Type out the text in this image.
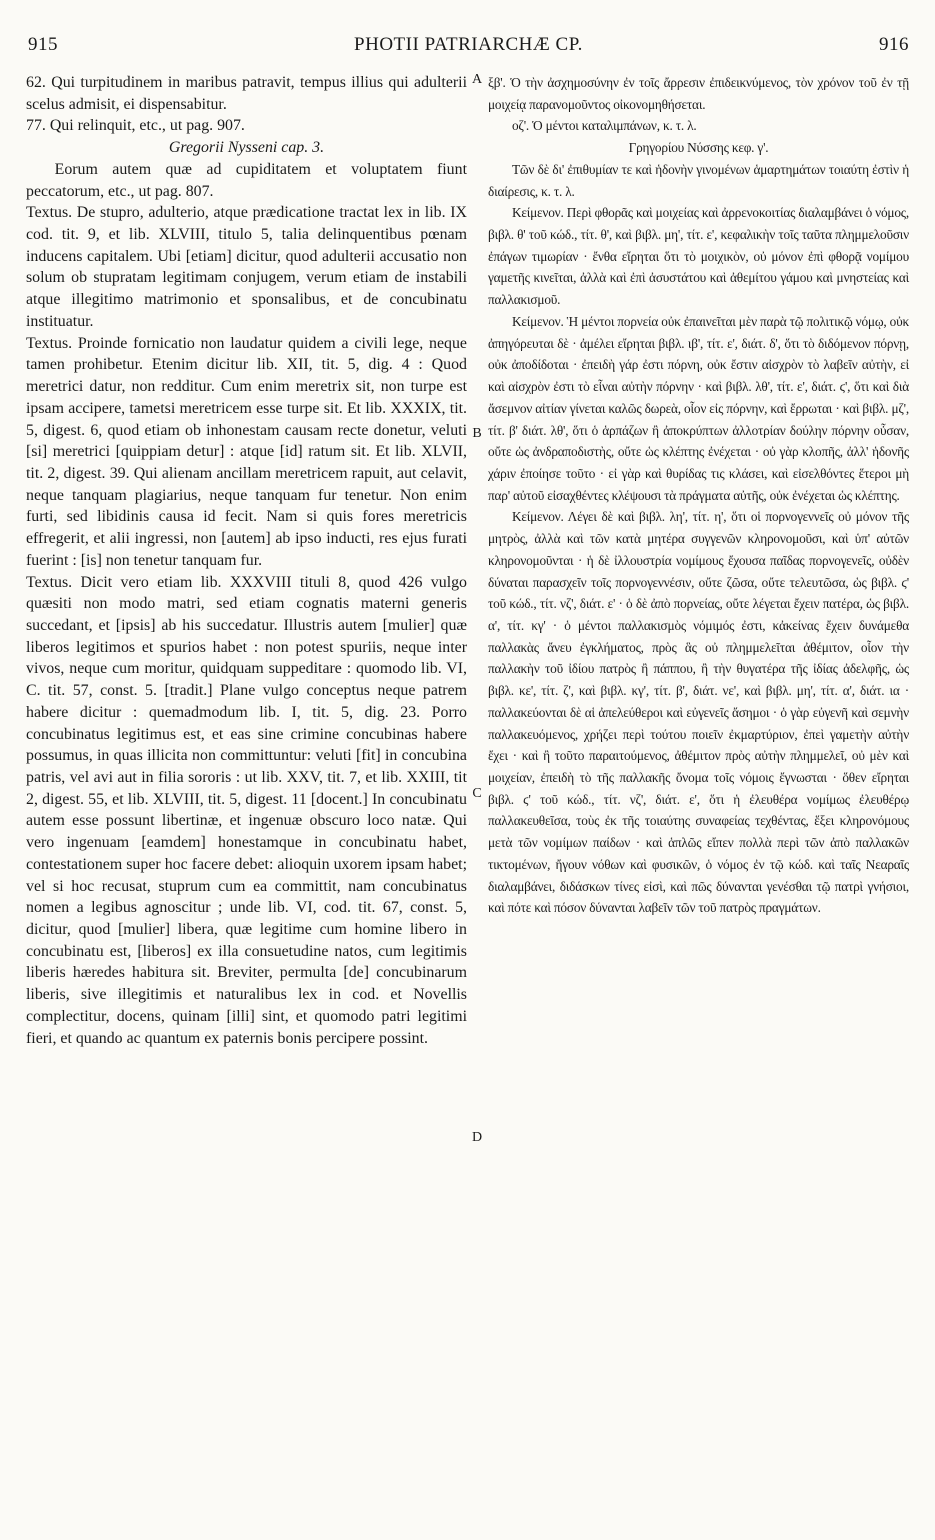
915	PHOTII PATRIARCHÆ CP.	916

62. Qui turpitudinem in maribus patravit, tempus illius qui adulterii scelus admisit, ei dispensabitur.

77. Qui relinquit, etc., ut pag. 907.

Gregorii Nysseni cap. 3.

Eorum autem quæ ad cupiditatem et voluptatem fiunt peccatorum, etc., ut pag. 807.

Textus. De stupro, adulterio, atque prædicatione tractat lex in lib. IX cod. tit. 9, et lib. XLVIII, titulo 5, talia delinquentibus pœnam inducens capitalem. Ubi [etiam] dicitur, quod adulterii accusatio non solum ob stupratam legitimam conjugem, verum etiam de instabili atque illegitimo matrimonio et sponsalibus, et de concubinatu instituatur.

Textus. Proinde fornicatio non laudatur quidem a civili lege, neque tamen prohibetur. Etenim dicitur lib. XII, tit. 5, dig. 4 : Quod meretrici datur, non redditur. Cum enim meretrix sit, non turpe est ipsam accipere, tametsi meretricem esse turpe sit. Et lib. XXXIX, tit. 5, digest. 6, quod etiam ob inhonestam causam recte donetur, veluti [si] meretrici [quippiam detur] : atque [id] ratum sit. Et lib. XLVII, tit. 2, digest. 39. Qui alienam ancillam meretricem rapuit, aut celavit, neque tanquam plagiarius, neque tanquam fur tenetur. Non enim furti, sed libidinis causa id fecit. Nam si quis fores meretricis effregerit, et alii ingressi, non [autem] ab ipso inducti, res ejus furati fuerint : [is] non tenetur tanquam fur.

Textus. Dicit vero etiam lib. XXXVIII tituli 8, quod 426 vulgo quæsiti non modo matri, sed etiam cognatis materni generis succedant, et [ipsis] ab his succedatur. Illustris autem [mulier] quæ liberos legitimos et spurios habet : non potest spuriis, neque inter vivos, neque cum moritur, quidquam suppeditare : quomodo lib. VI, C. tit. 57, const. 5. [tradit.] Plane vulgo conceptus neque patrem habere dicitur : quemadmodum lib. I, tit. 5, dig. 23. Porro concubinatus legitimus est, et eas sine crimine concubinas habere possumus, in quas illicita non committuntur: veluti [fit] in concubina patris, vel avi aut in filia sororis : ut lib. XXV, tit. 7, et lib. XXIII, tit 2, digest. 55, et lib. XLVIII, tit. 5, digest. 11 [docent.] In concubinatu autem esse possunt libertinæ, et ingenuæ obscuro loco natæ. Qui vero ingenuam [eamdem] honestamque in concubinatu habet, contestationem super hoc facere debet: alioquin uxorem ipsam habet; vel si hoc recusat, stuprum cum ea committit, nam concubinatus nomen a legibus agnoscitur ; unde lib. VI, cod. tit. 67, const. 5, dicitur, quod [mulier] libera, quæ legitime cum homine libero in concubinatu est, [liberos] ex illa consuetudine natos, cum legitimis liberis hæredes habitura sit. Breviter, permulta [de] concubinarum liberis, sive illegitimis et naturalibus lex in cod. et Novellis complectitur, docens, quinam [illi] sint, et quomodo patri legitimi fieri, et quando ac quantum ex paternis bonis percipere possint.

A
B
C
D

ξβ'. Ὁ τὴν ἀσχημοσύνην ἐν τοῖς ἄρρεσιν ἐπιδεικνύμενος, τὸν χρόνον τοῦ ἐν τῇ μοιχείᾳ παρανομοῦντος οἰκονομηθήσεται.

οζ'. Ὁ μέντοι καταλιμπάνων, κ. τ. λ.

Γρηγορίου Νύσσης κεφ. γ'.

Τῶν δὲ δι' ἐπιθυμίαν τε καὶ ἡδονὴν γινομένων ἁμαρτημάτων τοιαύτη ἐστὶν ἡ διαίρεσις, κ. τ. λ.

Κείμενον. Περὶ φθορᾶς καὶ μοιχείας καὶ ἀρρενοκοιτίας διαλαμβάνει ὁ νόμος, βιβλ. θ' τοῦ κώδ., τίτ. θ', καὶ βιβλ. μη', τίτ. ε', κεφαλικὴν τοῖς ταῦτα πλημμελοῦσιν ἐπάγων τιμωρίαν · ἔνθα εἴρηται ὅτι τὸ μοιχικὸν, οὐ μόνον ἐπὶ φθορᾷ νομίμου γαμετῆς κινεῖται, ἀλλὰ καὶ ἐπὶ ἀσυστάτου καὶ ἀθεμίτου γάμου καὶ μνηστείας καὶ παλλακισμοῦ.

Κείμενον. Ἡ μέντοι πορνεία οὐκ ἐπαινεῖται μὲν παρὰ τῷ πολιτικῷ νόμῳ, οὐκ ἀπηγόρευται δὲ · ἀμέλει εἴρηται βιβλ. ιβ', τίτ. ε', διάτ. δ', ὅτι τὸ διδόμενον πόρνῃ, οὐκ ἀποδίδοται · ἐπειδὴ γάρ ἐστι πόρνη, οὐκ ἔστιν αἰσχρὸν τὸ λαβεῖν αὐτὴν, εἰ καὶ αἰσχρὸν ἐστι τὸ εἶναι αὐτὴν πόρνην · καὶ βιβλ. λθ', τίτ. ε', διάτ. ϛ', ὅτι καὶ διὰ ἄσεμνον αἰτίαν γίνεται καλῶς δωρεὰ, οἷον εἰς πόρνην, καὶ ἔρρωται · καὶ βιβλ. μζ', τίτ. β' διάτ. λθ', ὅτι ὁ ἁρπάζων ἢ ἀποκρύπτων ἀλλοτρίαν δούλην πόρνην οὖσαν, οὔτε ὡς ἀνδραποδιστὴς, οὔτε ὡς κλέπτης ἐνέχεται · οὐ γὰρ κλοπῆς, ἀλλ' ἡδονῆς χάριν ἐποίησε τοῦτο · εἰ γὰρ καὶ θυρίδας τις κλάσει, καὶ εἰσελθόντες ἕτεροι μὴ παρ' αὐτοῦ εἰσαχθέντες κλέψουσι τὰ πράγματα αὐτῆς, οὐκ ἐνέχεται ὡς κλέπτης.

Κείμενον. Λέγει δὲ καὶ βιβλ. λη', τίτ. η', ὅτι οἱ πορνογεννεῖς οὐ μόνον τῆς μητρὸς, ἀλλὰ καὶ τῶν κατὰ μητέρα συγγενῶν κληρονομοῦσι, καὶ ὑπ' αὐτῶν κληρονομοῦνται · ἡ δὲ ἰλλουστρία νομίμους ἔχουσα παῖδας πορνογενεῖς, οὐδὲν δύναται παρασχεῖν τοῖς πορνογεννέσιν, οὔτε ζῶσα, οὔτε τελευτῶσα, ὡς βιβλ. ϛ' τοῦ κώδ., τίτ. νζ', διάτ. ε' · ὁ δὲ ἀπὸ πορνείας, οὔτε λέγεται ἔχειν πατέρα, ὡς βιβλ. α', τίτ. κγ' · ὁ μέντοι παλλακισμὸς νόμιμός ἐστι, κἀκείνας ἔχειν δυνάμεθα παλλακὰς ἄνευ ἐγκλήματος, πρὸς ἃς οὐ πλημμελεῖται ἀθέμιτον, οἷον τὴν παλλακὴν τοῦ ἰδίου πατρὸς ἢ πάππου, ἢ τὴν θυγατέρα τῆς ἰδίας ἀδελφῆς, ὡς βιβλ. κε', τίτ. ζ', καὶ βιβλ. κγ', τίτ. β', διάτ. νε', καὶ βιβλ. μη', τίτ. α', διάτ. ια · παλλακεύονται δὲ αἱ ἀπελεύθεροι καὶ εὐγενεῖς ἄσημοι · ὁ γὰρ εὐγενῆ καὶ σεμνὴν παλλακευόμενος, χρήζει περὶ τούτου ποιεῖν ἐκμαρτύριον, ἐπεὶ γαμετὴν αὐτὴν ἔχει · καὶ ἢ τοῦτο παραιτούμενος, ἀθέμιτον πρὸς αὐτὴν πλημμελεῖ, οὐ μὲν καὶ μοιχείαν, ἐπειδὴ τὸ τῆς παλλακῆς ὄνομα τοῖς νόμοις ἔγνωσται · ὅθεν εἴρηται βιβλ. ϛ' τοῦ κώδ., τίτ. νζ', διάτ. ε', ὅτι ἡ ἐλευθέρα νομίμως ἐλευθέρῳ παλλακευθεῖσα, τοὺς ἐκ τῆς τοιαύτης συναφείας τεχθέντας, ἕξει κληρονόμους μετὰ τῶν νομίμων παίδων · καὶ ἁπλῶς εἴπεν πολλὰ περὶ τῶν ἀπὸ παλλακῶν τικτομένων, ἤγουν νόθων καὶ φυσικῶν, ὁ νόμος ἐν τῷ κώδ. καὶ ταῖς Νεαραῖς διαλαμβάνει, διδάσκων τίνες εἰσὶ, καὶ πῶς δύνανται γενέσθαι τῷ πατρὶ γνήσιοι, καὶ πότε καὶ πόσον δύνανται λαβεῖν τῶν τοῦ πατρὸς πραγμάτων.
